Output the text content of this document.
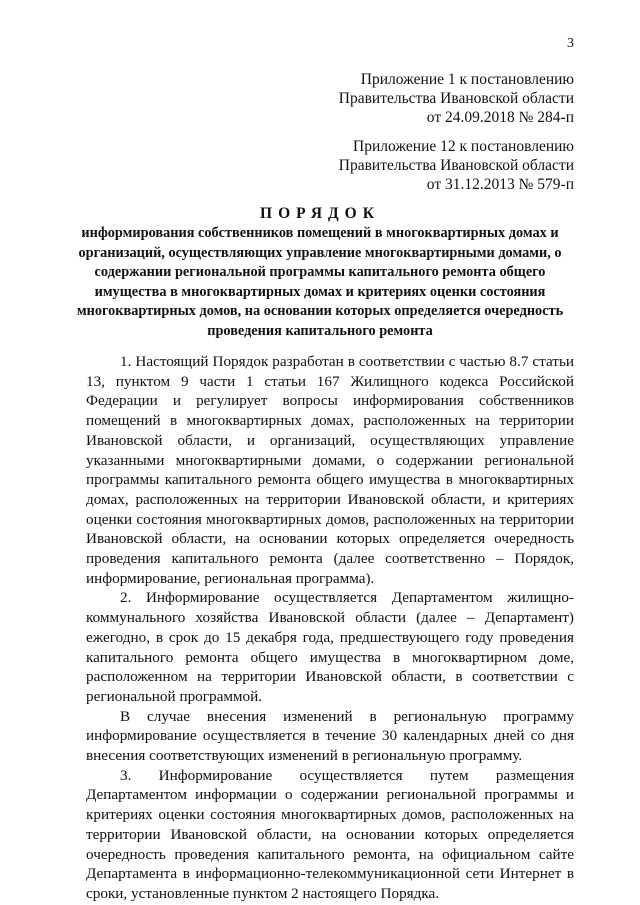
3
Приложение 1 к постановлению
Правительства Ивановской области
от 24.09.2018 № 284-п
Приложение 12 к постановлению
Правительства Ивановской области
от 31.12.2013 № 579-п
ПОРЯДОК
информирования собственников помещений в многоквартирных домах и организаций, осуществляющих управление многоквартирными домами, о содержании региональной программы капитального ремонта общего имущества в многоквартирных домах и критериях оценки состояния многоквартирных домов, на основании которых определяется очередность проведения капитального ремонта

1. Настоящий Порядок разработан в соответствии с частью 8.7 статьи 13, пунктом 9 части 1 статьи 167 Жилищного кодекса Российской Федерации и регулирует вопросы информирования собственников помещений в многоквартирных домах, расположенных на территории Ивановской области, и организаций, осуществляющих управление указанными многоквартирными домами, о содержании региональной программы капитального ремонта общего имущества в многоквартирных домах, расположенных на территории Ивановской области, и критериях оценки состояния многоквартирных домов, расположенных на территории Ивановской области, на основании которых определяется очередность проведения капитального ремонта (далее соответственно – Порядок, информирование, региональная программа).

2. Информирование осуществляется Департаментом жилищно-коммунального хозяйства Ивановской области (далее – Департамент) ежегодно, в срок до 15 декабря года, предшествующего году проведения капитального ремонта общего имущества в многоквартирном доме, расположенном на территории Ивановской области, в соответствии с региональной программой.

В случае внесения изменений в региональную программу информирование осуществляется в течение 30 календарных дней со дня внесения соответствующих изменений в региональную программу.

3. Информирование осуществляется путем размещения Департаментом информации о содержании региональной программы и критериях оценки состояния многоквартирных домов, расположенных на территории Ивановской области, на основании которых определяется очередность проведения капитального ремонта, на официальном сайте Департамента в информационно-телекоммуникационной сети Интернет в сроки, установленные пунктом 2 настоящего Порядка.
